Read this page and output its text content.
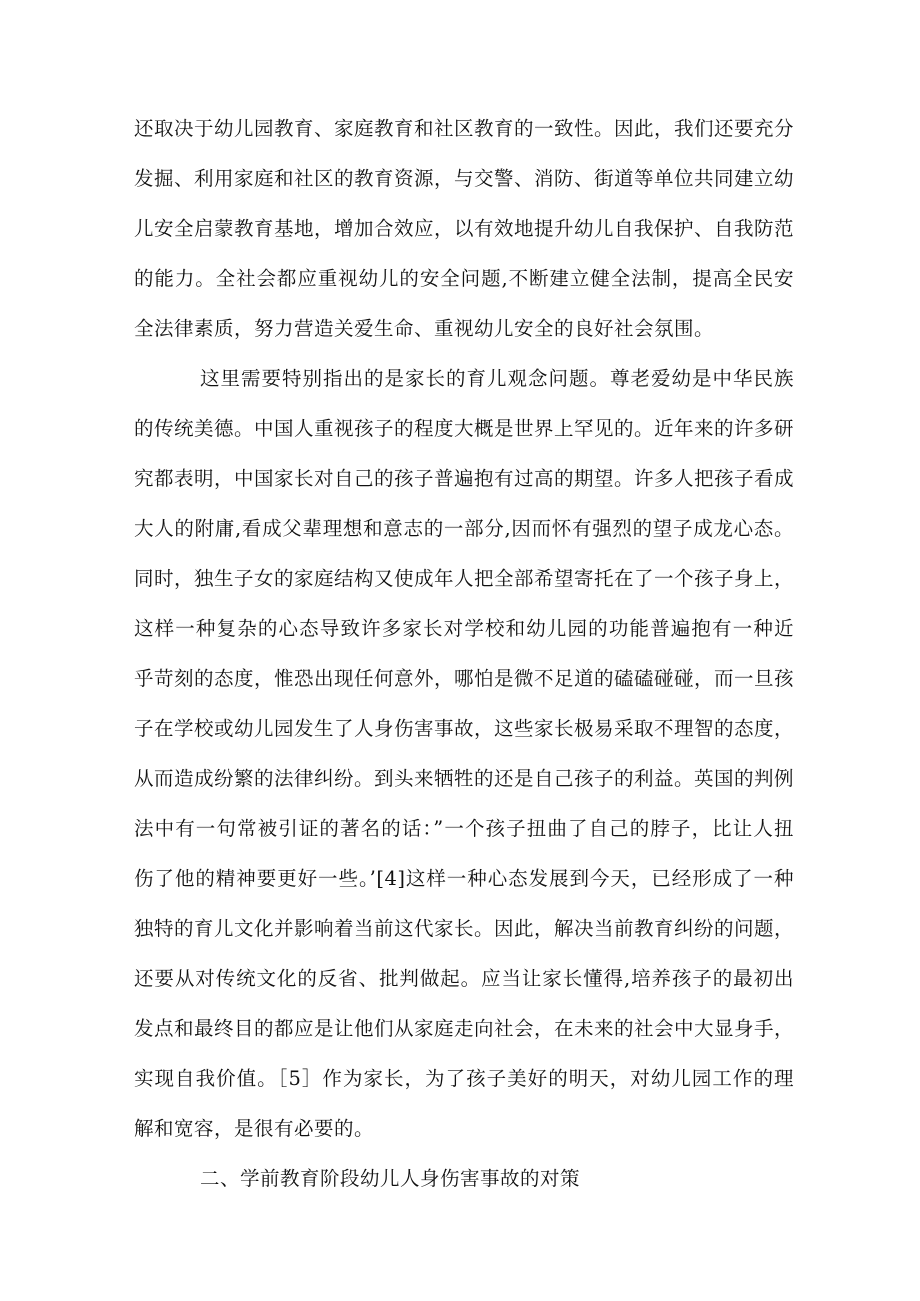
还取决于幼儿园教育、家庭教育和社区教育的一致性。因此，我们还要充分
发掘、利用家庭和社区的教育资源，与交警、消防、街道等单位共同建立幼
儿安全启蒙教育基地，增加合效应，以有效地提升幼儿自我保护、自我防范
的能力。全社会都应重视幼儿的安全问题,不断建立健全法制，提高全民安
全法律素质，努力营造关爱生命、重视幼儿安全的良好社会氛围。
这里需要特别指出的是家长的育儿观念问题。尊老爱幼是中华民族
的传统美德。中国人重视孩子的程度大概是世界上罕见的。近年来的许多研
究都表明，中国家长对自己的孩子普遍抱有过高的期望。许多人把孩子看成
大人的附庸,看成父辈理想和意志的一部分,因而怀有强烈的望子成龙心态。
同时，独生子女的家庭结构又使成年人把全部希望寄托在了一个孩子身上，
这样一种复杂的心态导致许多家长对学校和幼儿园的功能普遍抱有一种近
乎苛刻的态度，惟恐出现任何意外，哪怕是微不足道的磕磕碰碰，而一旦孩
子在学校或幼儿园发生了人身伤害事故，这些家长极易采取不理智的态度，
从而造成纷繁的法律纠纷。到头来牺牲的还是自己孩子的利益。英国的判例
法中有一句常被引证的著名的话：”一个孩子扭曲了自己的脖子，比让人扭
伤了他的精神要更好一些。’[4]这样一种心态发展到今天，已经形成了一种
独特的育儿文化并影响着当前这代家长。因此，解决当前教育纠纷的问题，
还要从对传统文化的反省、批判做起。应当让家长懂得,培养孩子的最初出
发点和最终目的都应是让他们从家庭走向社会，在未来的社会中大显身手，
实现自我价值。［5］作为家长，为了孩子美好的明天，对幼儿园工作的理
解和宽容，是很有必要的。
二、学前教育阶段幼儿人身伤害事故的对策
